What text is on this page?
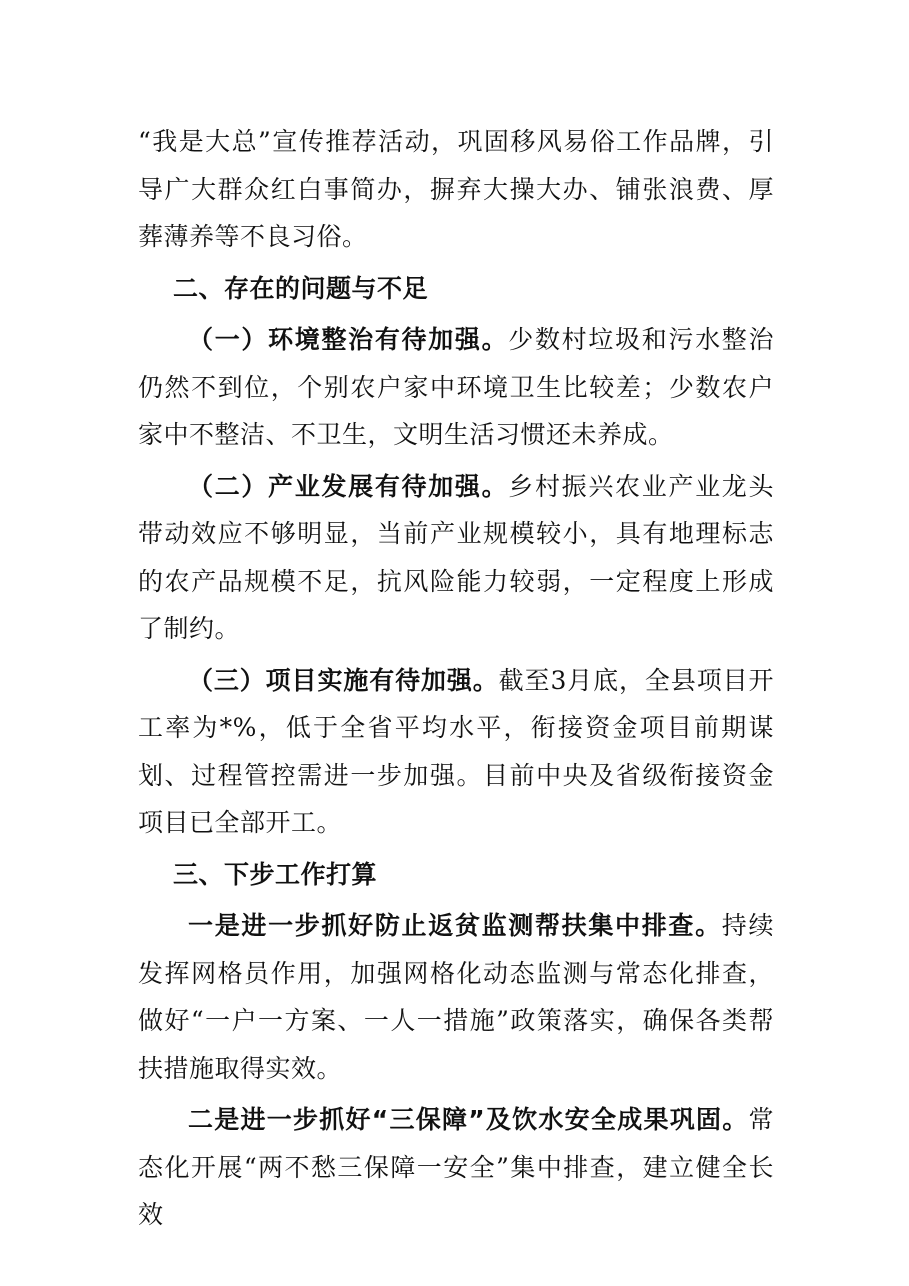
“我是大总”宣传推荐活动，巩固移风易俗工作品牌，引导广大群众红白事简办，摒弃大操大办、铺张浪费、厚葬薄养等不良习俗。

二、存在的问题与不足

（一）环境整治有待加强。少数村垃圾和污水整治仍然不到位，个别农户家中环境卫生比较差；少数农户家中不整洁、不卫生，文明生活习惯还未养成。

（二）产业发展有待加强。乡村振兴农业产业龙头带动效应不够明显，当前产业规模较小，具有地理标志的农产品规模不足，抗风险能力较弱，一定程度上形成了制约。

（三）项目实施有待加强。截至3月底，全县项目开工率为*%，低于全省平均水平，衔接资金项目前期谋划、过程管控需进一步加强。目前中央及省级衔接资金项目已全部开工。

三、下步工作打算

一是进一步抓好防止返贫监测帮扶集中排查。持续发挥网格员作用，加强网格化动态监测与常态化排查，做好“一户一方案、一人一措施”政策落实，确保各类帮扶措施取得实效。

二是进一步抓好“三保障”及饮水安全成果巩固。常态化开展“两不愁三保障一安全”集中排查，建立健全长效
